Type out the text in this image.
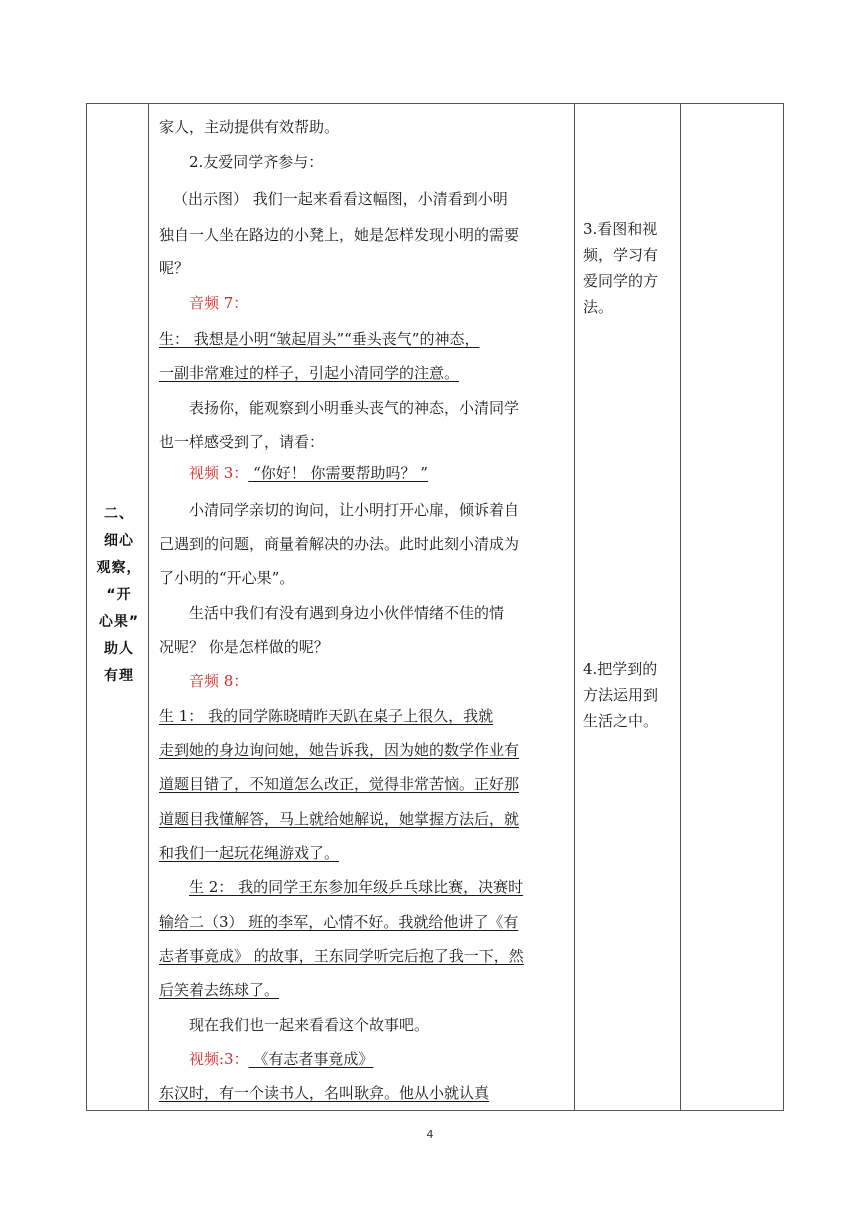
二、
细心
观察，
“开
心果”
助人
有理
家人，主动提供有效帮助。
2.友爱同学齐参与：
（出示图） 我们一起来看看这幅图，小清看到小明
独自一人坐在路边的小凳上，她是怎样发现小明的需要
呢？
音频 7：
生： 我想是小明“皱起眉头”“垂头丧气”的神态，
一副非常难过的样子，引起小清同学的注意。
表扬你，能观察到小明垂头丧气的神态，小清同学
也一样感受到了，请看：
视频 3： “你好！ 你需要帮助吗？ ”
小清同学亲切的询问，让小明打开心扉，倾诉着自
己遇到的问题，商量着解决的办法。此时此刻小清成为
了小明的“开心果”。
生活中我们有没有遇到身边小伙伴情绪不佳的情
况呢？ 你是怎样做的呢？
音频 8：
生 1： 我的同学陈晓晴昨天趴在桌子上很久，我就
走到她的身边询问她，她告诉我，因为她的数学作业有
道题目错了，不知道怎么改正，觉得非常苦恼。正好那
道题目我懂解答，马上就给她解说，她掌握方法后，就
和我们一起玩花绳游戏了。
生 2： 我的同学王东参加年级乒乓球比赛，决赛时
输给二（3） 班的李军，心情不好。我就给他讲了《有
志者事竟成》 的故事，王东同学听完后抱了我一下，然
后笑着去练球了。
现在我们也一起来看看这个故事吧。
视频:3： 《有志者事竟成》
东汉时，有一个读书人，名叫耿弇。他从小就认真
3.看图和视
频，学习有
爱同学的方
法。
4.把学到的
方法运用到
生活之中。
4
